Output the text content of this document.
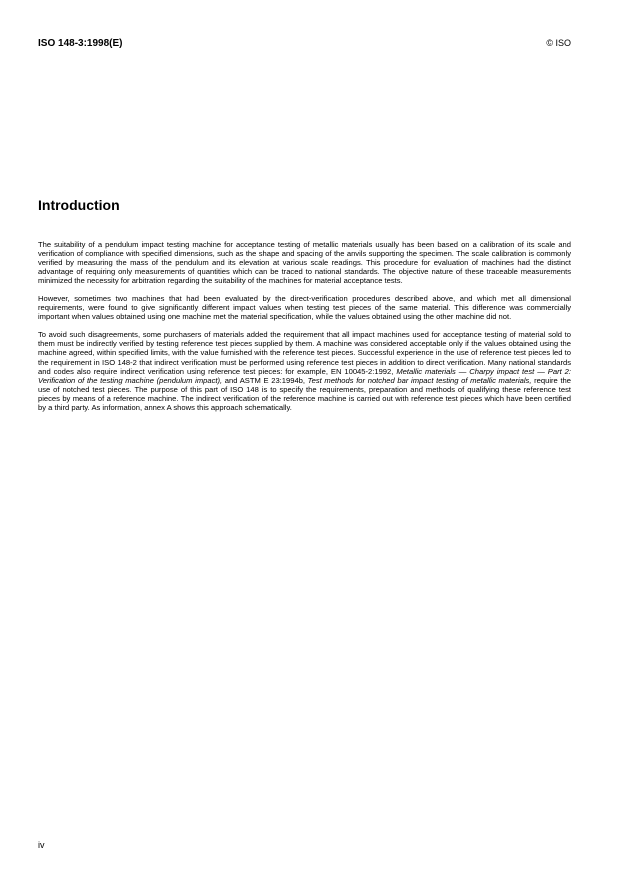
ISO 148-3:1998(E)	© ISO
Introduction

The suitability of a pendulum impact testing machine for acceptance testing of metallic materials usually has been based on a calibration of its scale and verification of compliance with specified dimensions, such as the shape and spacing of the anvils supporting the specimen. The scale calibration is commonly verified by measuring the mass of the pendulum and its elevation at various scale readings. This procedure for evaluation of machines had the distinct advantage of requiring only measurements of quantities which can be traced to national standards. The objective nature of these traceable measurements minimized the necessity for arbitration regarding the suitability of the machines for material acceptance tests.

However, sometimes two machines that had been evaluated by the direct-verification procedures described above, and which met all dimensional requirements, were found to give significantly different impact values when testing test pieces of the same material. This difference was commercially important when values obtained using one machine met the material specification, while the values obtained using the other machine did not.

To avoid such disagreements, some purchasers of materials added the requirement that all impact machines used for acceptance testing of material sold to them must be indirectly verified by testing reference test pieces supplied by them. A machine was considered acceptable only if the values obtained using the machine agreed, within specified limits, with the value furnished with the reference test pieces. Successful experience in the use of reference test pieces led to the requirement in ISO 148-2 that indirect verification must be performed using reference test pieces in addition to direct verification. Many national standards and codes also require indirect verification using reference test pieces: for example, EN 10045-2:1992, Metallic materials — Charpy impact test — Part 2: Verification of the testing machine (pendulum impact), and ASTM E 23:1994b, Test methods for notched bar impact testing of metallic materials, require the use of notched test pieces. The purpose of this part of ISO 148 is to specify the requirements, preparation and methods of qualifying these reference test pieces by means of a reference machine. The indirect verification of the reference machine is carried out with reference test pieces which have been certified by a third party. As information, annex A shows this approach schematically.

iv
